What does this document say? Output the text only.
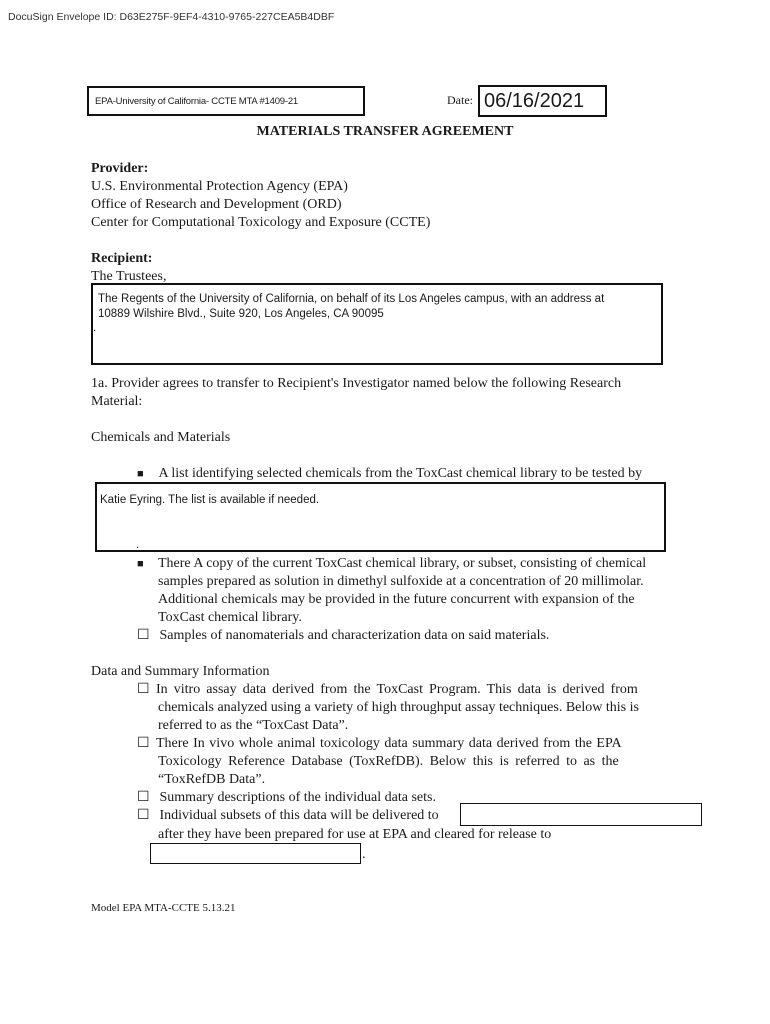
DocuSign Envelope ID: D63E275F-9EF4-4310-9765-227CEA5B4DBF
EPA-University of California- CCTE MTA #1409-21	Date: 06/16/2021
MATERIALS TRANSFER AGREEMENT
Provider:
U.S. Environmental Protection Agency (EPA)
Office of Research and Development (ORD)
Center for Computational Toxicology and Exposure (CCTE)
Recipient:
The Trustees,
The Regents of the University of California, on behalf of its Los Angeles campus, with an address at
10889 Wilshire Blvd., Suite 920, Los Angeles, CA 90095
.
1a. Provider agrees to transfer to Recipient's Investigator named below the following Research
Material:
Chemicals and Materials
■ A list identifying selected chemicals from the ToxCast chemical library to be tested by
Katie Eyring. The list is available if needed.
.
■ There A copy of the current ToxCast chemical library, or subset, consisting of chemical
samples prepared as solution in dimethyl sulfoxide at a concentration of 20 millimolar.
Additional chemicals may be provided in the future concurrent with expansion of the
ToxCast chemical library.
☐ Samples of nanomaterials and characterization data on said materials.
Data and Summary Information
☐ In vitro assay data derived from the ToxCast Program. This data is derived from
chemicals analyzed using a variety of high throughput assay techniques. Below this is
referred to as the “ToxCast Data”.
☐ There In vivo whole animal toxicology data summary data derived from the EPA
Toxicology Reference Database (ToxRefDB). Below this is referred to as the
“ToxRefDB Data”.
☐ Summary descriptions of the individual data sets.
☐ Individual subsets of this data will be delivered to
after they have been prepared for use at EPA and cleared for release to
.
Model EPA MTA-CCTE 5.13.21
